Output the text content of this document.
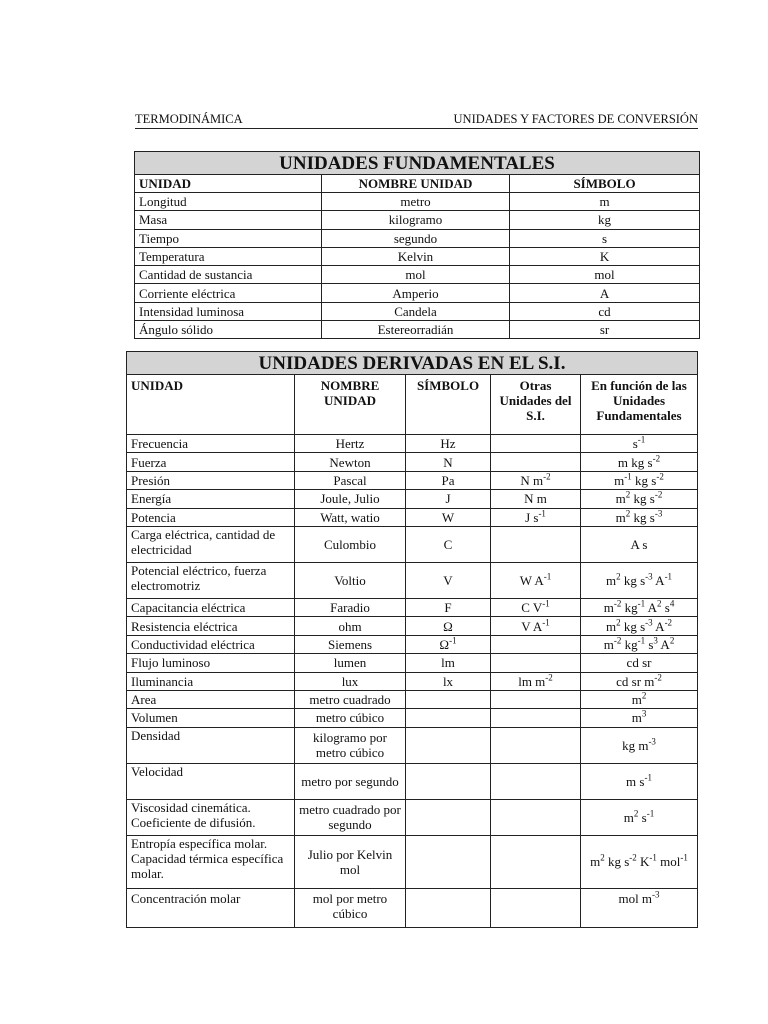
TERMODINÁMICA	UNIDADES Y FACTORES DE CONVERSIÓN
UNIDADES FUNDAMENTALES		
UNIDAD	NOMBRE UNIDAD	SÍMBOLO
Longitud	metro	m
Masa	kilogramo	kg
Tiempo	segundo	s
Temperatura	Kelvin	K
Cantidad de sustancia	mol	mol
Corriente eléctrica	Amperio	A
Intensidad luminosa	Candela	cd
Ángulo sólido	Estereorradián	sr
UNIDADES DERIVADAS EN EL S.I.				
UNIDAD	NOMBRE UNIDAD	SÍMBOLO	Otras Unidades del S.I.	En función de las Unidades Fundamentales
Frecuencia	Hertz	Hz		$s^{-1}$
Fuerza	Newton	N		m kg $s^{-2}$
Presión	Pascal	Pa	N $m^{-2}$	$m^{-1}$ kg $s^{-2}$
Energía	Joule, Julio	J	N m	$m^2$ kg $s^{-2}$
Potencia	Watt, watio	W	J $s^{-1}$	$m^2$ kg $s^{-3}$
Carga eléctrica, cantidad de electricidad	Culombio	C		A s
Potencial eléctrico, fuerza electromotriz	Voltio	V	W $A^{-1}$	$m^2$ kg $s^{-3}$ $A^{-1}$
Capacitancia eléctrica	Faradio	F	C $V^{-1}$	$m^{-2}$ $kg^{-1}$ $A^2$ $s^4$
Resistencia eléctrica	ohm	Ω	V $A^{-1}$	$m^2$ kg $s^{-3}$ $A^{-2}$
Conductividad eléctrica	Siemens	$\Omega^{-1}$		$m^{-2}$ $kg^{-1}$ $s^3$ $A^2$
Flujo luminoso	lumen	lm		cd sr
Iluminancia	lux	lx	lm $m^{-2}$	cd sr $m^{-2}$
Area	metro cuadrado			$m^2$
Volumen	metro cúbico			$m^3$
Densidad	kilogramo por metro cúbico			kg $m^{-3}$
Velocidad	metro por segundo			m $s^{-1}$
Viscosidad cinemática. Coeficiente de difusión.	metro cuadrado por segundo			$m^2$ $s^{-1}$
Entropía específica molar. Capacidad térmica específica molar.	Julio por Kelvin mol			$m^2$ kg $s^{-2}$ $K^{-1}$ mol$^{-1}$
Concentración molar	mol por metro cúbico			mol $m^{-3}$
